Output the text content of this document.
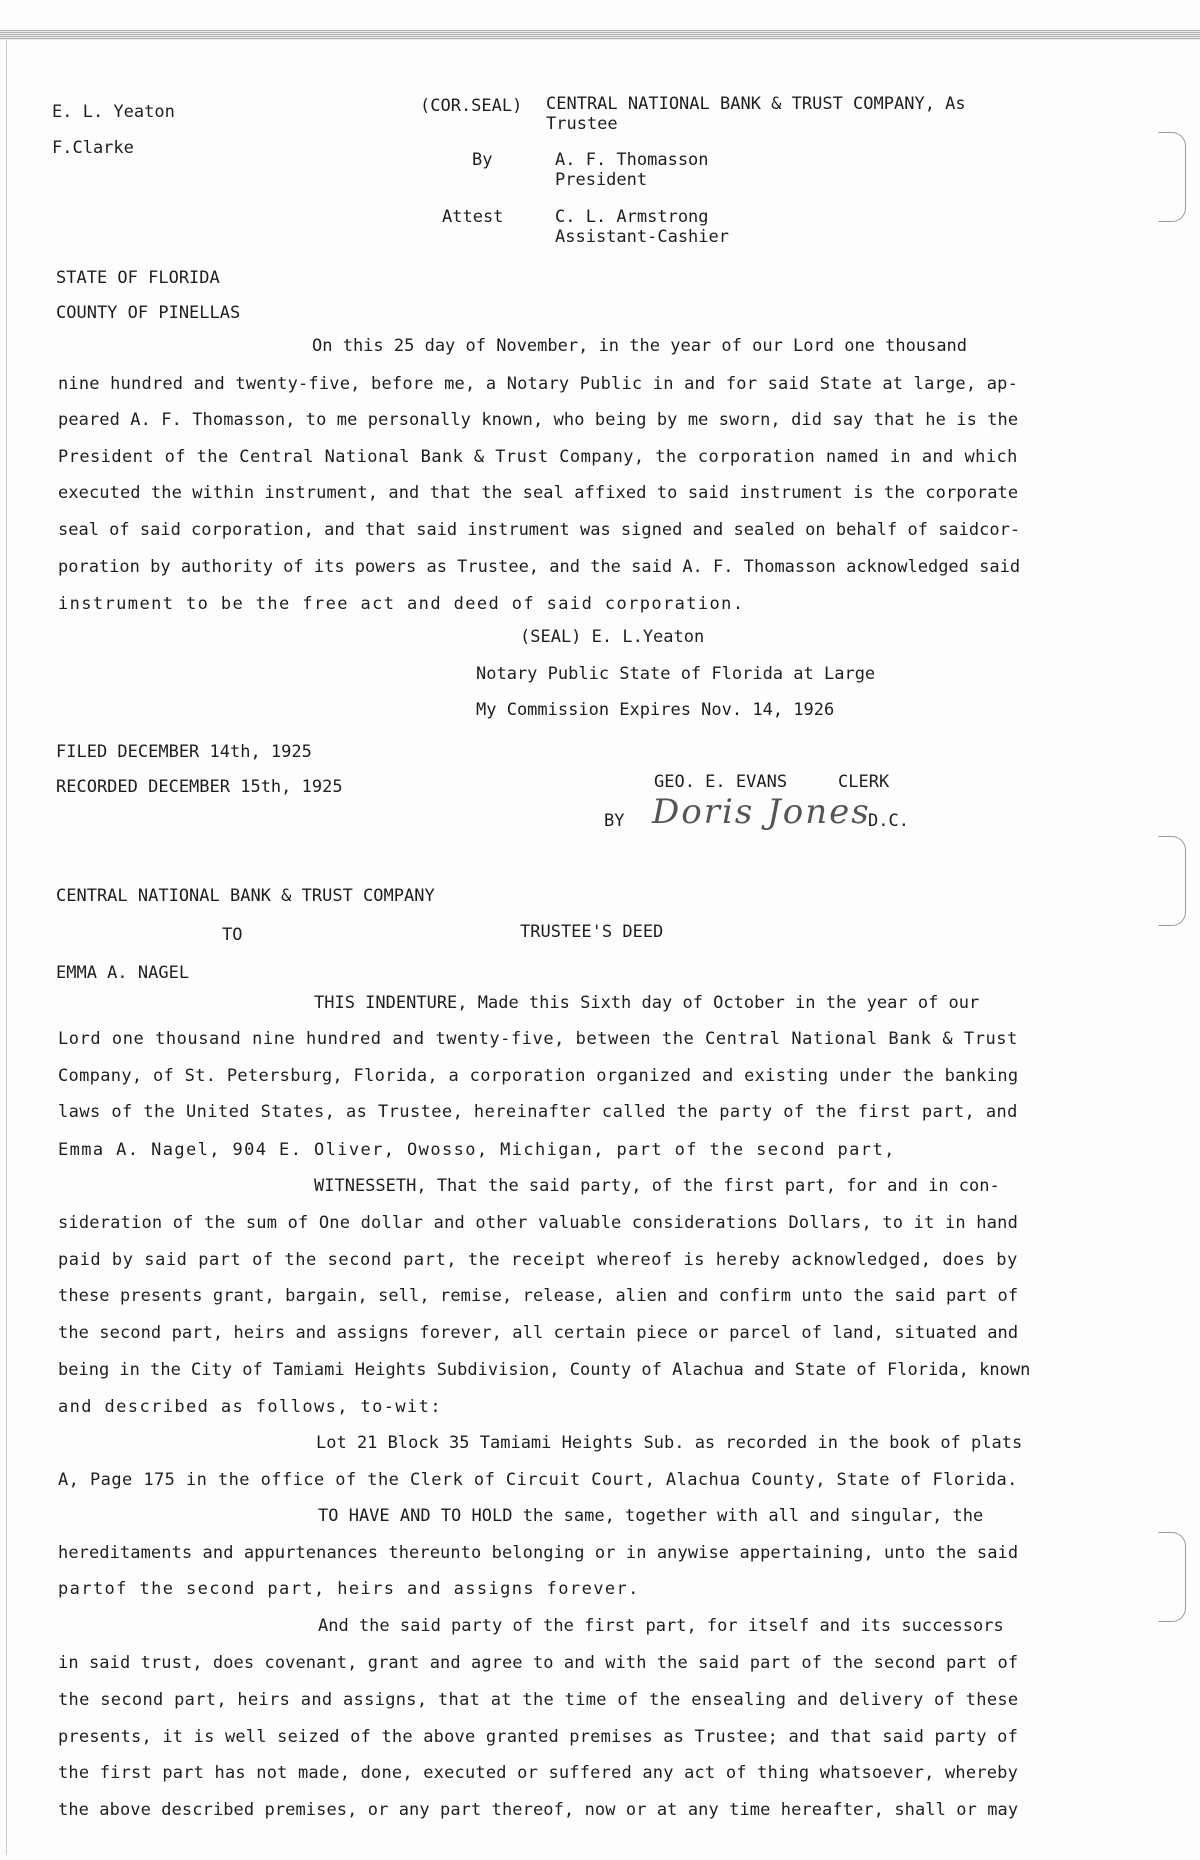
E. L. Yeaton
F.Clarke
(COR.SEAL) CENTRAL NATIONAL BANK & TRUST COMPANY, As
Trustee
By	A. F. Thomasson
President
Attest	C. L. Armstrong
Assistant-Cashier
STATE OF FLORIDA
COUNTY OF PINELLAS
On this 25 day of November, in the year of our Lord one thousand
nine hundred and twenty-five, before me, a Notary Public in and for said State at large, ap-
peared A. F. Thomasson, to me personally known, who being by me sworn, did say that he is the
President of the Central National Bank & Trust Company, the corporation named in and which
executed the within instrument, and that the seal affixed to said instrument is the corporate
seal of said corporation, and that said instrument was signed and sealed on behalf of saidcor-
poration by authority of its powers as Trustee, and the said A. F. Thomasson acknowledged said
instrument to be the free act and deed of said corporation.
(SEAL) E. L.Yeaton
Notary Public State of Florida at Large
My Commission Expires Nov. 14, 1926
FILED DECEMBER 14th, 1925
RECORDED DECEMBER 15th, 1925	GEO. E. EVANS	CLERK
BY Doris Jones
D.C.
CENTRAL NATIONAL BANK & TRUST COMPANY
TO	TRUSTEE'S DEED
EMMA A. NAGEL
THIS INDENTURE, Made this Sixth day of October in the year of our
Lord one thousand nine hundred and twenty-five, between the Central National Bank & Trust
Company, of St. Petersburg, Florida, a corporation organized and existing under the banking
laws of the United States, as Trustee, hereinafter called the party of the first part, and
Emma A. Nagel, 904 E. Oliver, Owosso, Michigan, part of the second part,
WITNESSETH, That the said party, of the first part, for and in con-
sideration of the sum of One dollar and other valuable considerations Dollars, to it in hand
paid by said part of the second part, the receipt whereof is hereby acknowledged, does by
these presents grant, bargain, sell, remise, release, alien and confirm unto the said part of
the second part, heirs and assigns forever, all certain piece or parcel of land, situated and
being in the City of Tamiami Heights Subdivision, County of Alachua and State of Florida, known
and described as follows, to-wit:
Lot 21 Block 35 Tamiami Heights Sub. as recorded in the book of plats
A, Page 175 in the office of the Clerk of Circuit Court, Alachua County, State of Florida.
TO HAVE AND TO HOLD the same, together with all and singular, the
hereditaments and appurtenances thereunto belonging or in anywise appertaining, unto the said
partof the second part, heirs and assigns forever.
And the said party of the first part, for itself and its successors
in said trust, does covenant, grant and agree to and with the said part of the second part of
the second part, heirs and assigns, that at the time of the ensealing and delivery of these
presents, it is well seized of the above granted premises as Trustee; and that said party of
the first part has not made, done, executed or suffered any act of thing whatsoever, whereby
the above described premises, or any part thereof, now or at any time hereafter, shall or may
